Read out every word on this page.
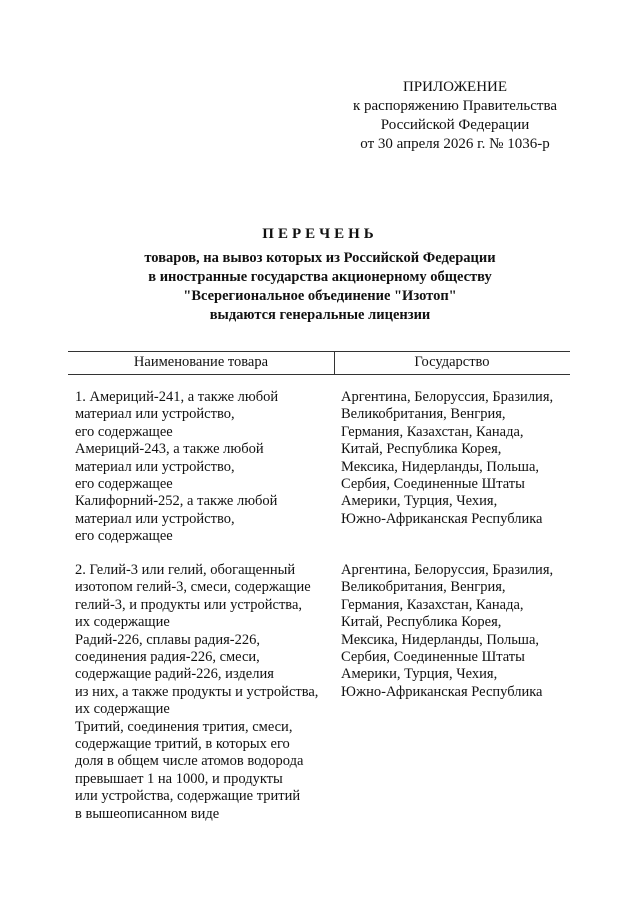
ПРИЛОЖЕНИЕ
к распоряжению Правительства
Российской Федерации
от 30 апреля 2026 г. № 1036-р
ПЕРЕЧЕНЬ
товаров, на вывоз которых из Российской Федерации
в иностранные государства акционерному обществу
"Всерегиональное объединение "Изотоп"
выдаются генеральные лицензии
Наименование товара	Государство
1. Америций-241, а также любой
материал или устройство,
его содержащее
Америций-243, а также любой
материал или устройство,
его содержащее
Калифорний-252, а также любой
материал или устройство,
его содержащее
Аргентина, Белоруссия, Бразилия,
Великобритания, Венгрия,
Германия, Казахстан, Канада,
Китай, Республика Корея,
Мексика, Нидерланды, Польша,
Сербия, Соединенные Штаты
Америки, Турция, Чехия,
Южно-Африканская Республика
2. Гелий-3 или гелий, обогащенный
изотопом гелий-3, смеси, содержащие
гелий-3, и продукты или устройства,
их содержащие
Радий-226, сплавы радия-226,
соединения радия-226, смеси,
содержащие радий-226, изделия
из них, а также продукты и устройства,
их содержащие
Тритий, соединения трития, смеси,
содержащие тритий, в которых его
доля в общем числе атомов водорода
превышает 1 на 1000, и продукты
или устройства, содержащие тритий
в вышеописанном виде
Аргентина, Белоруссия, Бразилия,
Великобритания, Венгрия,
Германия, Казахстан, Канада,
Китай, Республика Корея,
Мексика, Нидерланды, Польша,
Сербия, Соединенные Штаты
Америки, Турция, Чехия,
Южно-Африканская Республика
